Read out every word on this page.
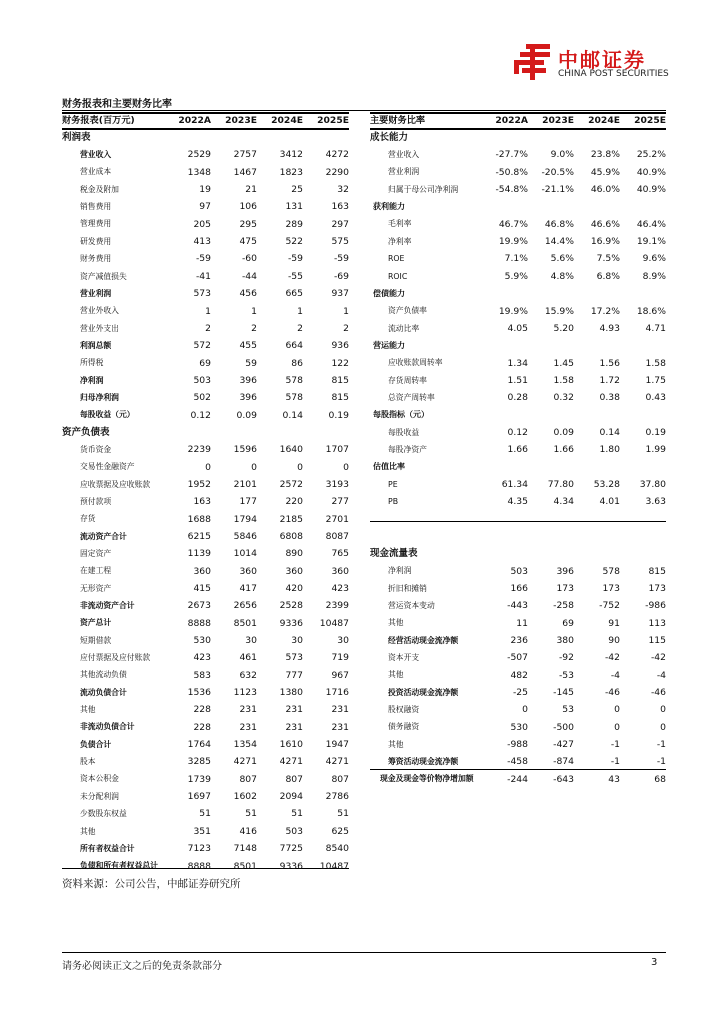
中邮证券
CHINA POST SECURITIES
财务报表和主要财务比率
财务报表(百万元)	2022A	2023E	2024E	2025E
利润表				
营业收入	2529	2757	3412	4272
营业成本	1348	1467	1823	2290
税金及附加	19	21	25	32
销售费用	97	106	131	163
管理费用	205	295	289	297
研发费用	413	475	522	575
财务费用	-59	-60	-59	-59
资产减值损失	-41	-44	-55	-69
营业利润	573	456	665	937
营业外收入	1	1	1	1
营业外支出	2	2	2	2
利润总额	572	455	664	936
所得税	69	59	86	122
净利润	503	396	578	815
归母净利润	502	396	578	815
每股收益（元）	0.12	0.09	0.14	0.19
资产负债表				
货币资金	2239	1596	1640	1707
交易性金融资产	0	0	0	0
应收票据及应收账款	1952	2101	2572	3193
预付款项	163	177	220	277
存货	1688	1794	2185	2701
流动资产合计	6215	5846	6808	8087
固定资产	1139	1014	890	765
在建工程	360	360	360	360
无形资产	415	417	420	423
非流动资产合计	2673	2656	2528	2399
资产总计	8888	8501	9336	10487
短期借款	530	30	30	30
应付票据及应付账款	423	461	573	719
其他流动负债	583	632	777	967
流动负债合计	1536	1123	1380	1716
其他	228	231	231	231
非流动负债合计	228	231	231	231
负债合计	1764	1354	1610	1947
股本	3285	4271	4271	4271
资本公积金	1739	807	807	807
未分配利润	1697	1602	2094	2786
少数股东权益	51	51	51	51
其他	351	416	503	625
所有者权益合计	7123	7148	7725	8540
负债和所有者权益总计	8888	8501	9336	10487
主要财务比率	2022A	2023E	2024E	2025E
成长能力				
营业收入	-27.7%	9.0%	23.8%	25.2%
营业利润	-50.8%	-20.5%	45.9%	40.9%
归属于母公司净利润	-54.8%	-21.1%	46.0%	40.9%
获利能力				
毛利率	46.7%	46.8%	46.6%	46.4%
净利率	19.9%	14.4%	16.9%	19.1%
ROE	7.1%	5.6%	7.5%	9.6%
ROIC	5.9%	4.8%	6.8%	8.9%
偿债能力				
资产负债率	19.9%	15.9%	17.2%	18.6%
流动比率	4.05	5.20	4.93	4.71
营运能力				
应收账款周转率	1.34	1.45	1.56	1.58
存货周转率	1.51	1.58	1.72	1.75
总资产周转率	0.28	0.32	0.38	0.43
每股指标（元）				
每股收益	0.12	0.09	0.14	0.19
每股净资产	1.66	1.66	1.80	1.99
估值比率				
PE	61.34	77.80	53.28	37.80
PB	4.35	4.34	4.01	3.63

现金流量表				
净利润	503	396	578	815
折旧和摊销	166	173	173	173
营运资本变动	-443	-258	-752	-986
其他	11	69	91	113
经营活动现金流净额	236	380	90	115
资本开支	-507	-92	-42	-42
其他	482	-53	-4	-4
投资活动现金流净额	-25	-145	-46	-46
股权融资	0	53	0	0
债务融资	530	-500	0	0
其他	-988	-427	-1	-1
筹资活动现金流净额	-458	-874	-1	-1
现金及现金等价物净增加额	-244	-643	43	68
资料来源：公司公告，中邮证券研究所
请务必阅读正文之后的免责条款部分	3
